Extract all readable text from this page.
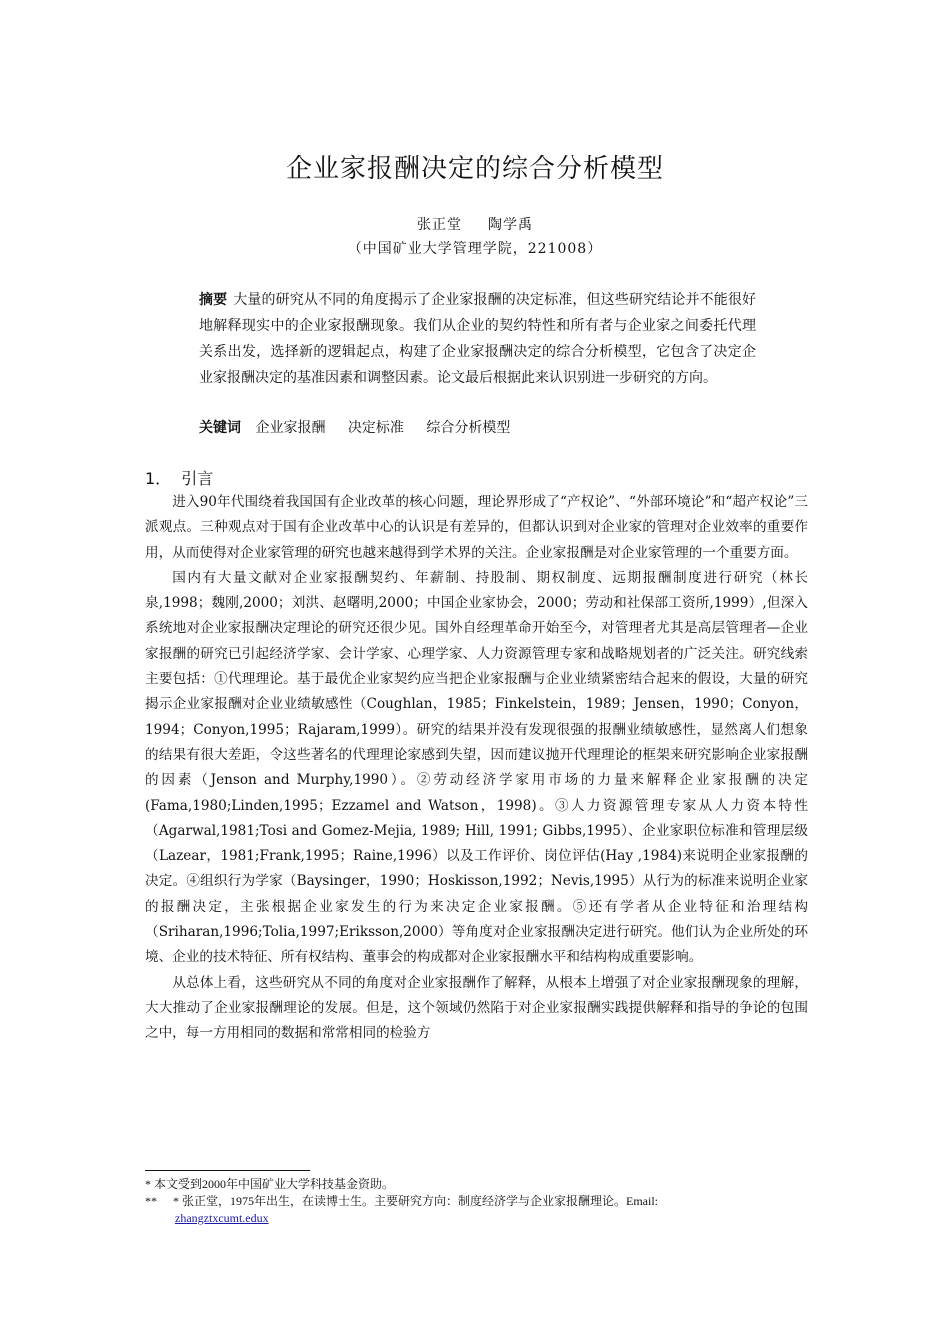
企业家报酬决定的综合分析模型
张正堂 陶学禹
（中国矿业大学管理学院，221008）
摘要 大量的研究从不同的角度揭示了企业家报酬的决定标准，但这些研究结论并不能很好地解释现实中的企业家报酬现象。我们从企业的契约特性和所有者与企业家之间委托代理关系出发，选择新的逻辑起点，构建了企业家报酬决定的综合分析模型，它包含了决定企业家报酬决定的基准因素和调整因素。论文最后根据此来认识别进一步研究的方向。
关键词 企业家报酬 决定标准 综合分析模型
1． 引言

进入90年代围绕着我国国有企业改革的核心问题，理论界形成了“产权论”、“外部环境论”和“超产权论”三派观点。三种观点对于国有企业改革中心的认识是有差异的，但都认识到对企业家的管理对企业效率的重要作用，从而使得对企业家管理的研究也越来越得到学术界的关注。企业家报酬是对企业家管理的一个重要方面。

国内有大量文献对企业家报酬契约、年薪制、持股制、期权制度、远期报酬制度进行研究（林长泉,1998；魏刚,2000；刘洪、赵曙明,2000；中国企业家协会，2000；劳动和社保部工资所,1999）,但深入系统地对企业家报酬决定理论的研究还很少见。国外自经理革命开始至今，对管理者尤其是高层管理者—企业家报酬的研究已引起经济学家、会计学家、心理学家、人力资源管理专家和战略规划者的广泛关注。研究线索主要包括：①代理理论。基于最优企业家契约应当把企业家报酬与企业业绩紧密结合起来的假设，大量的研究揭示企业家报酬对企业业绩敏感性（Coughlan，1985；Finkelstein，1989；Jensen，1990；Conyon，1994；Conyon,1995；Rajaram,1999）。研究的结果并没有发现很强的报酬业绩敏感性，显然离人们想象的结果有很大差距，令这些著名的代理理论家感到失望，因而建议抛开代理理论的框架来研究影响企业家报酬的因素（Jenson and Murphy,1990）。②劳动经济学家用市场的力量来解释企业家报酬的决定(Fama,1980;Linden,1995；Ezzamel and Watson，1998)。③人力资源管理专家从人力资本特性（Agarwal,1981;Tosi and Gomez-Mejia, 1989; Hill, 1991; Gibbs,1995）、企业家职位标准和管理层级（Lazear，1981;Frank,1995；Raine,1996）以及工作评价、岗位评估(Hay ,1984)来说明企业家报酬的决定。④组织行为学家（Baysinger，1990；Hoskisson,1992；Nevis,1995）从行为的标准来说明企业家的报酬决定，主张根据企业家发生的行为来决定企业家报酬。⑤还有学者从企业特征和治理结构（Sriharan,1996;Tolia,1997;Eriksson,2000）等角度对企业家报酬决定进行研究。他们认为企业所处的环境、企业的技术特征、所有权结构、董事会的构成都对企业家报酬水平和结构构成重要影响。

从总体上看，这些研究从不同的角度对企业家报酬作了解释，从根本上增强了对企业家报酬现象的理解，大大推动了企业家报酬理论的发展。但是，这个领域仍然陷于对企业家报酬实践提供解释和指导的争论的包围之中，每一方用相同的数据和常常相同的检验方

* 本文受到2000年中国矿业大学科技基金资助。
** * 张正堂，1975年出生，在读博士生。主要研究方向：制度经济学与企业家报酬理论。Email:
zhangztxcumt.edux
